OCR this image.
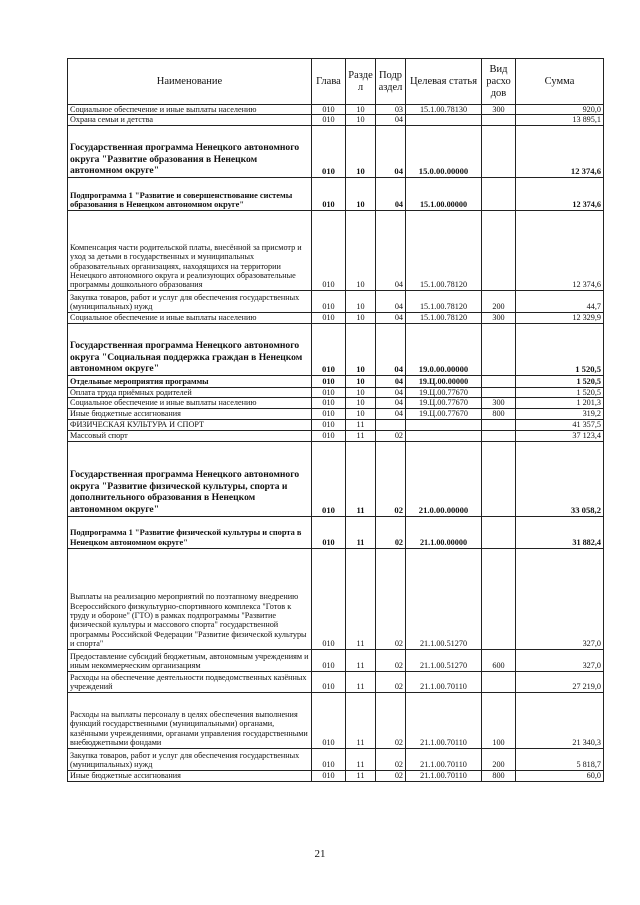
Наименование	Глава	Разде л	Подр аздел	Целевая статья	Вид расхо дов	Сумма
Социальное обеспечение и иные выплаты населению	010	10	03	15.1.00.78130	300	920,0
Охрана семьи и детства	010	10	04			13 895,1
Государственная программа Ненецкого автономного округа "Развитие образования в Ненецком автономном округе"	010	10	04	15.0.00.00000		12 374,6
Подпрограмма 1 "Развитие и совершенствование системы образования в Ненецком автономном округе"	010	10	04	15.1.00.00000		12 374,6
Компенсация части родительской платы, внесённой за присмотр и уход за детьми в государственных и муниципальных образовательных организациях, находящихся на территории Ненецкого автономного округа и реализующих образовательные программы дошкольного образования	010	10	04	15.1.00.78120		12 374,6
Закупка товаров, работ и услуг для обеспечения государственных (муниципальных) нужд	010	10	04	15.1.00.78120	200	44,7
Социальное обеспечение и иные выплаты населению	010	10	04	15.1.00.78120	300	12 329,9
Государственная программа Ненецкого автономного округа "Социальная поддержка граждан в Ненецком автономном округе"	010	10	04	19.0.00.00000		1 520,5
Отдельные мероприятия программы	010	10	04	19.Ц.00.00000		1 520,5
Оплата труда приёмных родителей	010	10	04	19.Ц.00.77670		1 520,5
Социальное обеспечение и иные выплаты населению	010	10	04	19.Ц.00.77670	300	1 201,3
Иные бюджетные ассигнования	010	10	04	19.Ц.00.77670	800	319,2
ФИЗИЧЕСКАЯ КУЛЬТУРА И СПОРТ	010	11				41 357,5
Массовый спорт	010	11	02			37 123,4
Государственная программа Ненецкого автономного округа "Развитие физической культуры, спорта и дополнительного образования в Ненецком автономном округе"	010	11	02	21.0.00.00000		33 058,2
Подпрограмма 1 "Развитие физической культуры и спорта в Ненецком автономном округе"	010	11	02	21.1.00.00000		31 882,4
Выплаты на реализацию мероприятий по поэтапному внедрению Всероссийского физкультурно-спортивного комплекса "Готов к труду и обороне" (ГТО) в рамках подпрограммы "Развитие физической культуры и массового спорта" государственной программы Российской Федерации "Развитие физической культуры и спорта"	010	11	02	21.1.00.51270		327,0
Предоставление субсидий бюджетным, автономным учреждениям и иным некоммерческим организациям	010	11	02	21.1.00.51270	600	327,0
Расходы на обеспечение деятельности подведомственных казённых учреждений	010	11	02	21.1.00.70110		27 219,0
Расходы на выплаты персоналу в целях обеспечения выполнения функций государственными (муниципальными) органами, казёнными учреждениями, органами управления государственными внебюджетными фондами	010	11	02	21.1.00.70110	100	21 340,3
Закупка товаров, работ и услуг для обеспечения государственных (муниципальных) нужд	010	11	02	21.1.00.70110	200	5 818,7
Иные бюджетные ассигнования	010	11	02	21.1.00.70110	800	60,0
21
